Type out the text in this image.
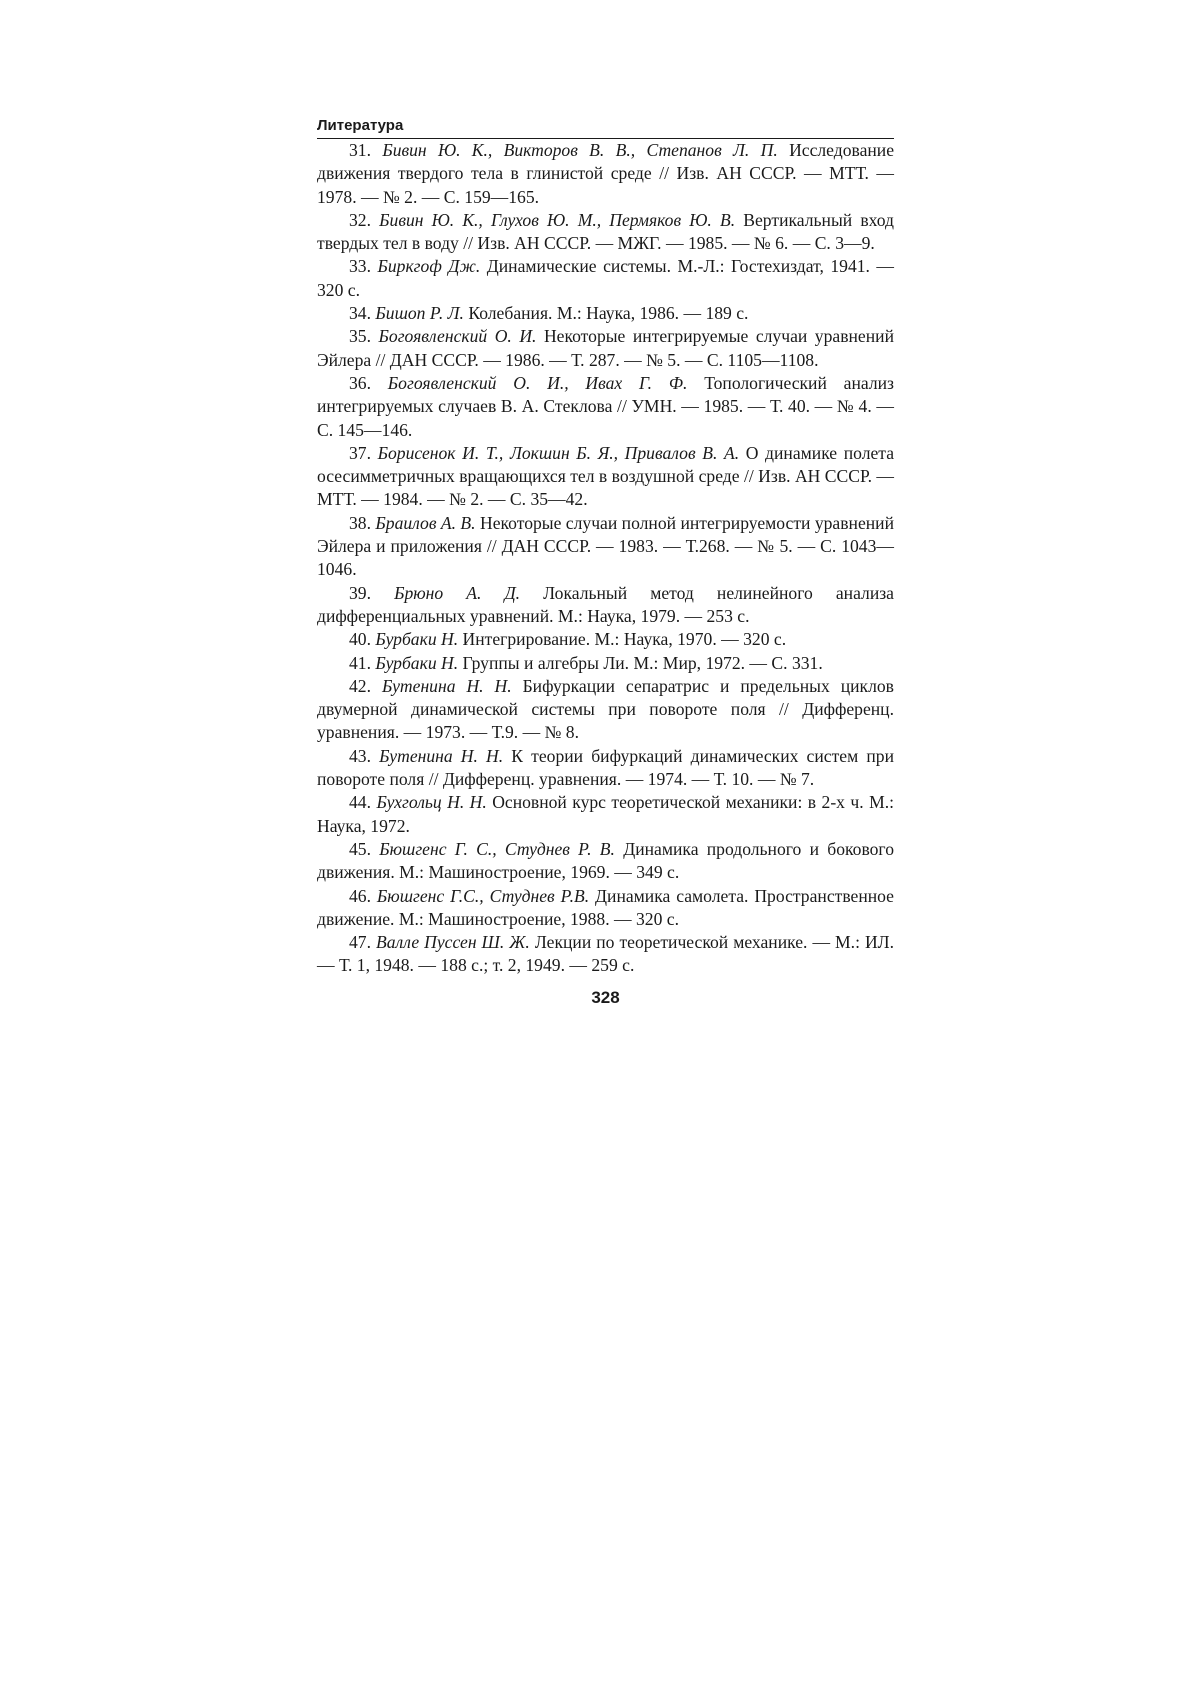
Литература
31. Бивин Ю. К., Викторов В. В., Степанов Л. П. Исследование движения твердого тела в глинистой среде // Изв. АН СССР. — МТТ. — 1978. — № 2. — С. 159—165.
32. Бивин Ю. К., Глухов Ю. М., Пермяков Ю. В. Вертикальный вход твердых тел в воду // Изв. АН СССР. — МЖГ. — 1985. — № 6. — С. 3—9.
33. Биркгоф Дж. Динамические системы. М.-Л.: Гостехиздат, 1941. — 320 с.
34. Бишоп Р. Л. Колебания. М.: Наука, 1986. — 189 с.
35. Богоявленский О. И. Некоторые интегрируемые случаи уравнений Эйлера // ДАН СССР. — 1986. — Т. 287. — № 5. — С. 1105—1108.
36. Богоявленский О. И., Ивах Г. Ф. Топологический анализ интегрируемых случаев В. А. Стеклова // УМН. — 1985. — Т. 40. — № 4. — С. 145—146.
37. Борисенок И. Т., Локшин Б. Я., Привалов В. А. О динамике полета осесимметричных вращающихся тел в воздушной среде // Изв. АН СССР. — МТТ. — 1984. — № 2. — С. 35—42.
38. Браилов А. В. Некоторые случаи полной интегрируемости уравнений Эйлера и приложения // ДАН СССР. — 1983. — Т.268. — № 5. — С. 1043—1046.
39. Брюно А. Д. Локальный метод нелинейного анализа дифференциальных уравнений. М.: Наука, 1979. — 253 с.
40. Бурбаки Н. Интегрирование. М.: Наука, 1970. — 320 с.
41. Бурбаки Н. Группы и алгебры Ли. М.: Мир, 1972. — С. 331.
42. Бутенина Н. Н. Бифуркации сепаратрис и предельных циклов двумерной динамической системы при повороте поля // Дифференц. уравнения. — 1973. — Т.9. — № 8.
43. Бутенина Н. Н. К теории бифуркаций динамических систем при повороте поля // Дифференц. уравнения. — 1974. — Т. 10. — № 7.
44. Бухгольц Н. Н. Основной курс теоретической механики: в 2-х ч. М.: Наука, 1972.
45. Бюшгенс Г. С., Студнев Р. В. Динамика продольного и бокового движения. М.: Машиностроение, 1969. — 349 с.
46. Бюшгенс Г.С., Студнев Р.В. Динамика самолета. Пространственное движение. М.: Машиностроение, 1988. — 320 с.
47. Валле Пуссен Ш. Ж. Лекции по теоретической механике. — М.: ИЛ. — Т. 1, 1948. — 188 с.; т. 2, 1949. — 259 с.
328
